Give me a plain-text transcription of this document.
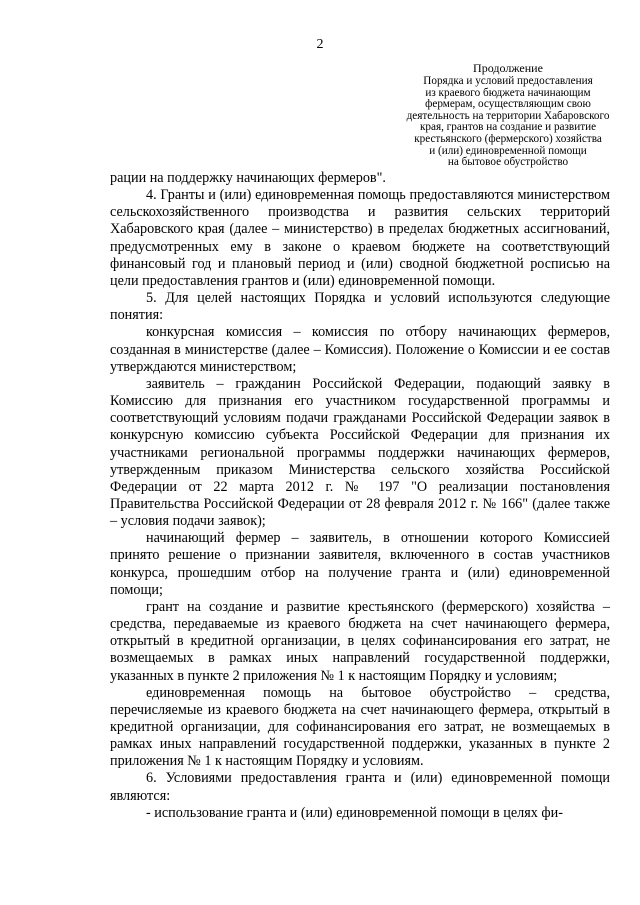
2
Продолжение
Порядка и условий предоставления
из краевого бюджета начинающим
фермерам, осуществляющим свою
деятельность на территории Хабаровского
края, грантов на создание и развитие
крестьянского (фермерского) хозяйства
и (или) единовременной помощи
на бытовое обустройство

рации на поддержку начинающих фермеров".

4. Гранты и (или) единовременная помощь предоставляются министерством сельскохозяйственного производства и развития сельских территорий Хабаровского края (далее – министерство) в пределах бюджетных ассигнований, предусмотренных ему в законе о краевом бюджете на соответствующий финансовый год и плановый период и (или) сводной бюджетной росписью на цели предоставления грантов и (или) единовременной помощи.

5. Для целей настоящих Порядка и условий используются следующие понятия:

конкурсная комиссия – комиссия по отбору начинающих фермеров, созданная в министерстве (далее – Комиссия). Положение о Комиссии и ее состав утверждаются министерством;

заявитель – гражданин Российской Федерации, подающий заявку в Комиссию для признания его участником государственной программы и соответствующий условиям подачи гражданами Российской Федерации заявок в конкурсную комиссию субъекта Российской Федерации для признания их участниками региональной программы поддержки начинающих фермеров, утвержденным приказом Министерства сельского хозяйства Российской Федерации от 22 марта 2012 г. № 197 "О реализации постановления Правительства Российской Федерации от 28 февраля 2012 г. № 166" (далее также – условия подачи заявок);

начинающий фермер – заявитель, в отношении которого Комиссией принято решение о признании заявителя, включенного в состав участников конкурса, прошедшим отбор на получение гранта и (или) единовременной помощи;

грант на создание и развитие крестьянского (фермерского) хозяйства – средства, передаваемые из краевого бюджета на счет начинающего фермера, открытый в кредитной организации, в целях софинансирования его затрат, не возмещаемых в рамках иных направлений государственной поддержки, указанных в пункте 2 приложения № 1 к настоящим Порядку и условиям;

единовременная помощь на бытовое обустройство – средства, перечисляемые из краевого бюджета на счет начинающего фермера, открытый в кредитной организации, для софинансирования его затрат, не возмещаемых в рамках иных направлений государственной поддержки, указанных в пункте 2 приложения № 1 к настоящим Порядку и условиям.

6. Условиями предоставления гранта и (или) единовременной помощи являются:

- использование гранта и (или) единовременной помощи в целях фи-
